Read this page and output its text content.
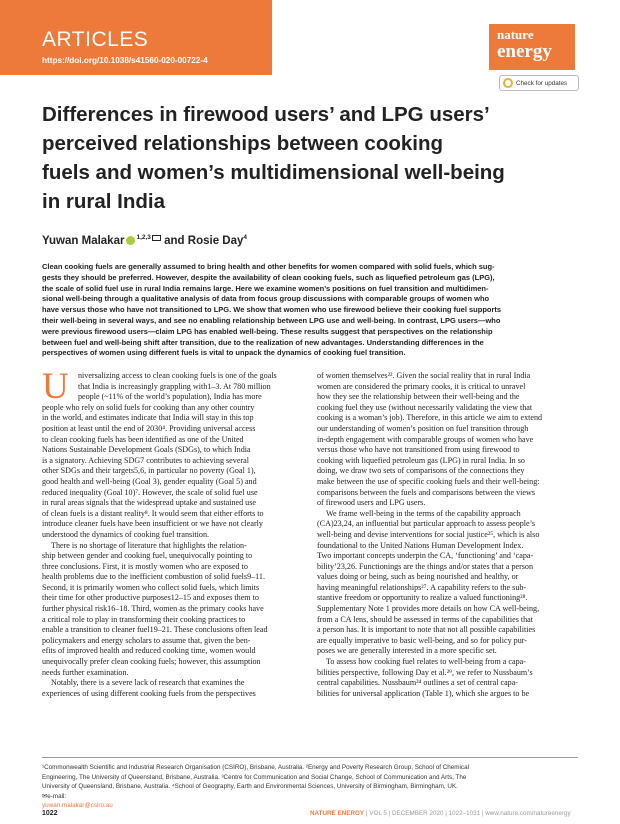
ARTICLES
https://doi.org/10.1038/s41560-020-00722-4
nature
energy
Check for updates
Differences in firewood users’ and LPG users’
perceived relationships between cooking
fuels and women’s multidimensional well-being
in rural India
Yuwan Malakar $^{1,2,3}$ and Rosie Day$^4$
Clean cooking fuels are generally assumed to bring health and other benefits for women compared with solid fuels, which sug-
gests they should be preferred. However, despite the availability of clean cooking fuels, such as liquefied petroleum gas (LPG),
the scale of solid fuel use in rural India remains large. Here we examine women’s positions on fuel transition and multidimen-
sional well-being through a qualitative analysis of data from focus group discussions with comparable groups of women who
have versus those who have not transitioned to LPG. We show that women who use firewood believe their cooking fuel supports
their well-being in several ways, and see no enabling relationship between LPG use and well-being. In contrast, LPG users—who
were previous firewood users—claim LPG has enabled well-being. These results suggest that perspectives on the relationship
between fuel and well-being shift after transition, due to the realization of new advantages. Understanding differences in the
perspectives of women using different fuels is vital to unpack the dynamics of cooking fuel transition.
U	niversalizing access to clean cooking fuels is one of the goals
that India is increasingly grappling with1–3. At 780 million
people (~11% of the world’s population), India has more
people who rely on solid fuels for cooking than any other country
in the world, and estimates indicate that India will stay in this top
position at least until the end of 2030⁴. Providing universal access
to clean cooking fuels has been identified as one of the United
Nations Sustainable Development Goals (SDGs), to which India
is a signatory. Achieving SDG7 contributes to achieving several
other SDGs and their targets5,6, in particular no poverty (Goal 1),
good health and well-being (Goal 3), gender equality (Goal 5) and
reduced inequality (Goal 10)⁷. However, the scale of solid fuel use
in rural areas signals that the widespread uptake and sustained use
of clean fuels is a distant reality⁸. It would seem that either efforts to
introduce cleaner fuels have been insufficient or we have not clearly
understood the dynamics of cooking fuel transition.
There is no shortage of literature that highlights the relation-
ship between gender and cooking fuel, unequivocally pointing to
three conclusions. First, it is mostly women who are exposed to
health problems due to the inefficient combustion of solid fuels9–11.
Second, it is primarily women who collect solid fuels, which limits
their time for other productive purposes12–15 and exposes them to
further physical risk16–18. Third, women as the primary cooks have
a critical role to play in transforming their cooking practices to
enable a transition to cleaner fuel19–21. These conclusions often lead
policymakers and energy scholars to assume that, given the ben-
efits of improved health and reduced cooking time, women would
unequivocally prefer clean cooking fuels; however, this assumption
needs further examination.
Notably, there is a severe lack of research that examines the
experiences of using different cooking fuels from the perspectives
of women themselves²². Given the social reality that in rural India
women are considered the primary cooks, it is critical to unravel
how they see the relationship between their well-being and the
cooking fuel they use (without necessarily validating the view that
cooking is a woman’s job). Therefore, in this article we aim to extend
our understanding of women’s position on fuel transition through
in-depth engagement with comparable groups of women who have
versus those who have not transitioned from using firewood to
cooking with liquefied petroleum gas (LPG) in rural India. In so
doing, we draw two sets of comparisons of the connections they
make between the use of specific cooking fuels and their well-being:
comparisons between the fuels and comparisons between the views
of firewood users and LPG users.
We frame well-being in the terms of the capability approach
(CA)23,24, an influential but particular approach to assess people’s
well-being and devise interventions for social justice²⁵, which is also
foundational to the United Nations Human Development Index.
Two important concepts underpin the CA, ‘functioning’ and ‘capa-
bility’23,26. Functionings are the things and/or states that a person
values doing or being, such as being nourished and healthy, or
having meaningful relationships²⁷. A capability refers to the sub-
stantive freedom or opportunity to realize a valued functioning²⁸.
Supplementary Note 1 provides more details on how CA well-being,
from a CA lens, should be assessed in terms of the capabilities that
a person has. It is important to note that not all possible capabilities
are equally imperative to basic well-being, and so for policy pur-
poses we are generally interested in a more specific set.
To assess how cooking fuel relates to well-being from a capa-
bilities perspective, following Day et al.²⁹, we refer to Nussbaum’s
central capabilities. Nussbaum²⁴ outlines a set of central capa-
bilities for universal application (Table 1), which she argues to be
¹Commonwealth Scientific and Industrial Research Organisation (CSIRO), Brisbane, Australia. ²Energy and Poverty Research Group, School of Chemical
Engineering, The University of Queensland, Brisbane, Australia. ³Centre for Communication and Social Change, School of Communication and Arts, The
University of Queensland, Brisbane, Australia. ⁴School of Geography, Earth and Environmental Sciences, University of Birmingham, Birmingham, UK.
✉e-mail:
yuwan.malakar@csiro.au
1022	NATURE ENERGY | VOL 5 | DECEMBER 2020 | 1022–1031 | www.nature.com/natureenergy
